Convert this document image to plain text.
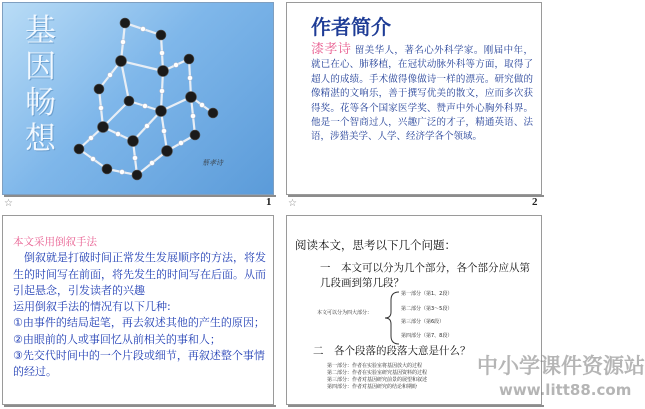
基
因
畅
想
蔡孝诗
☆	1
作者简介
漆孝诗 留美华人，著名心外科学家。刚届中年，就已在心、肺移植，在冠状动脉外科等方面，取得了超人的成绩。手术做得像做诗一样的漂亮。研究做的像精湛的文响乐，善于撰写优美的散文，应而多次获得奖。花等各个国家医学奖、赞声中外心胸外科界。他是一个智商过人，兴趣广泛的才子，精通英语、法语，涉猎美学、人学、经济学各个领域。
☆	2
本文采用倒叙手法
倒叙就是打破时间正常发生发展顺序的方法，将发生的时间写在前面，将先发生的时间写在后面。从而引起悬念，引发读者的兴趣
运用倒叙手法的情况有以下几种:
①由事件的结局起笔，再去叙述其他的产生的原因；
②由眼前的人或事回忆从前相关的事和人；
③先交代时间中的一个片段或细节，再叙述整个事情的经过。
阅读本文，思考以下几个问题：
一　本文可以分为几个部分，各个部分应从第几段画到第几段？
本文可以分为四大部分：
第一部分（第1、2段）
第二部分（第3～5段）
第三部分（第6段）
第四部分（第7、8段）
二　各个段落的段落大意是什么？
第一部分：作者在实验室将基因放大的过程
第二部分：作者在实验室研究基因资料的过程
第三部分：作者对基因研究前景的展望和叙述
第四部分：作者对基因研究的结论和期盼
中小学课件资源站
www.litt88.com
